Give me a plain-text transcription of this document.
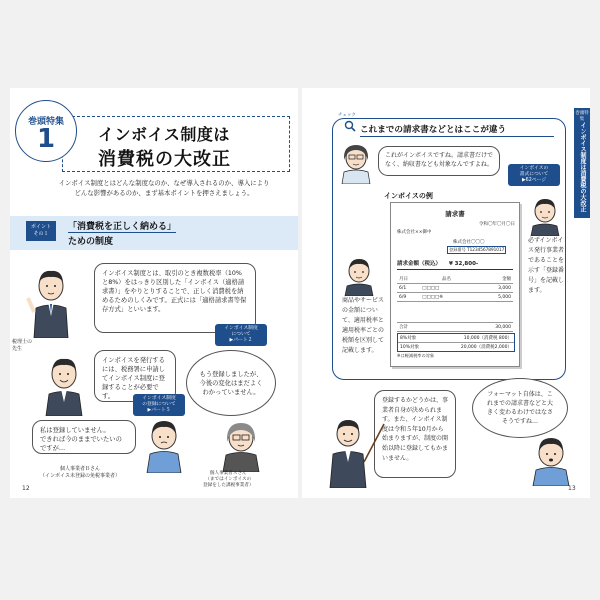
巻頭特集
1	インボイス制度は
消費税の大改正
インボイス制度とはどんな制度なのか、なぜ導入されるのか、導入により
どんな影響があるのか、まず基本ポイントを押さえましょう。
ポイント
その１
「消費税を正しく納める」
ための制度
税理士の
先生
インボイス制度とは、取引のとき複数税率（10%と8%）をはっきり区別した「インボイス（適格請求書）」をやりとりすることで、正しく消費税を納めるためのしくみです。正式には「適格請求書等保存方式」といいます。
インボイス制度
について
▶パート２
インボイスを発行するには、税務署に申請してインボイス制度に登録することが必要です。	インボイス制度
の登録について
▶パート５
もう登録しましたが、今後の変化はまだよくわかっていません。
私は登録していません。
できれば今のままでいたいのですが…
個人事業者Ｂさん
（インボイス未登録の免税事業者）	個人事業者Ａさん
（まではインボイスの
登録をした課税事業者）
12
巻頭特集
インボイス制度は消費税の大改正
チェック
これまでの請求書などとはここが違う
これがインボイスですね。請求書だけでなく、納収書なども対象なんですよね。
インボイスの
書式について
▶62ページ
インボイスの例
請求書
令和〇年〇月〇日
株式会社××御中
株式会社〇〇〇
登録番号 T1234567891017
請求金額（税込） ¥ 32,800-
月日	品名	金額
6/1	□□□□	3,000
6/9	□□□□※	5,000
合計	30,000
8%対象	10,000（消費税 800）
10%対象	20,000（消費税2,000）
※は軽減税率の対象
必ずインボイス発行事業者であることを示す「登録番号」を記載します。
商品やサービスの金額について、適用税率と適用税率ごとの税額を区別して記載します。
登録するかどうかは、事業者自身が決められます。また、インボイス制度は令和５年10月から始まりますが、制度の開始以降に登録してもかまいません。
フォーマット自体は、これまでの請求書などと大きく変わるわけではなさそうですね…
13
